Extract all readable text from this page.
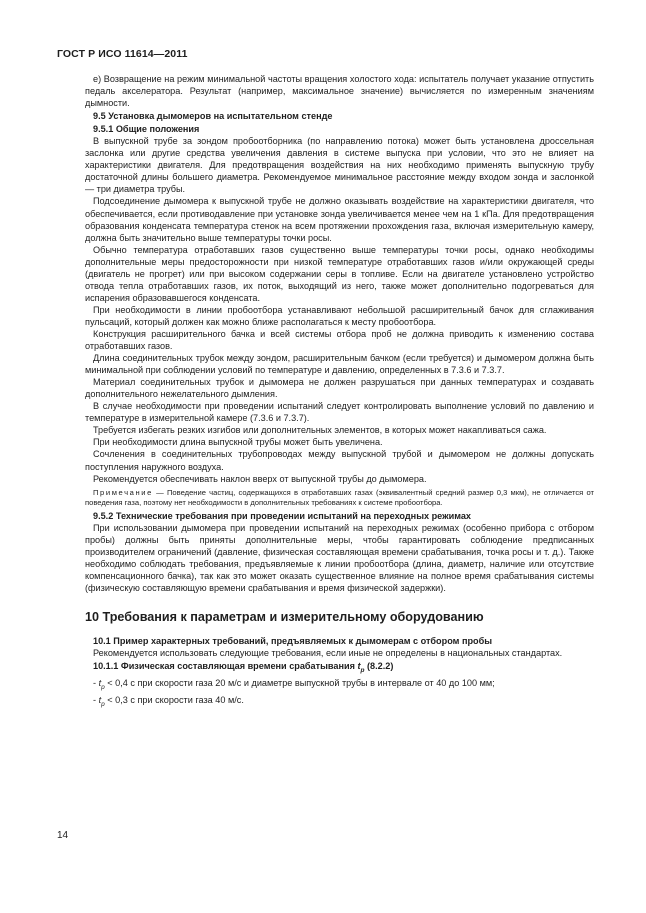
ГОСТ Р ИСО 11614—2011

e) Возвращение на режим минимальной частоты вращения холостого хода: испытатель получает указание отпустить педаль акселератора. Результат (например, максимальное значение) вычисляется по измеренным значениям дымности.

9.5 Установка дымомеров на испытательном стенде

9.5.1 Общие положения

В выпускной трубе за зондом пробоотборника (по направлению потока) может быть установлена дроссельная заслонка или другие средства увеличения давления в системе выпуска при условии, что это не влияет на характеристики двигателя. Для предотвращения воздействия на них необходимо применять выпускную трубу достаточной длины большего диаметра. Рекомендуемое минимальное расстояние между входом зонда и заслонкой — три диаметра трубы.

Подсоединение дымомера к выпускной трубе не должно оказывать воздействие на характеристики двигателя, что обеспечивается, если противодавление при установке зонда увеличивается менее чем на 1 кПа. Для предотвращения образования конденсата температура стенок на всем протяжении прохождения газа, включая измерительную камеру, должна быть значительно выше температуры точки росы.

Обычно температура отработавших газов существенно выше температуры точки росы, однако необходимы дополнительные меры предосторожности при низкой температуре отработавших газов и/или окружающей среды (двигатель не прогрет) или при высоком содержании серы в топливе. Если на двигателе установлено устройство отвода тепла отработавших газов, их поток, выходящий из него, также может дополнительно подогреваться для испарения образовавшегося конденсата.

При необходимости в линии пробоотбора устанавливают небольшой расширительный бачок для сглаживания пульсаций, который должен как можно ближе располагаться к месту пробоотбора.

Конструкция расширительного бачка и всей системы отбора проб не должна приводить к изменению состава отработавших газов.

Длина соединительных трубок между зондом, расширительным бачком (если требуется) и дымомером должна быть минимальной при соблюдении условий по температуре и давлению, определенных в 7.3.6 и 7.3.7.

Материал соединительных трубок и дымомера не должен разрушаться при данных температурах и создавать дополнительного нежелательного дымления.

В случае необходимости при проведении испытаний следует контролировать выполнение условий по давлению и температуре в измерительной камере (7.3.6 и 7.3.7).

Требуется избегать резких изгибов или дополнительных элементов, в которых может накапливаться сажа.

При необходимости длина выпускной трубы может быть увеличена.

Сочленения в соединительных трубопроводах между выпускной трубой и дымомером не должны допускать поступления наружного воздуха.

Рекомендуется обеспечивать наклон вверх от выпускной трубы до дымомера.

Примечание — Поведение частиц, содержащихся в отработавших газах (эквивалентный средний размер 0,3 мкм), не отличается от поведения газа, поэтому нет необходимости в дополнительных требованиях к системе пробоотбора.

9.5.2 Технические требования при проведении испытаний на переходных режимах

При использовании дымомера при проведении испытаний на переходных режимах (особенно прибора с отбором пробы) должны быть приняты дополнительные меры, чтобы гарантировать соблюдение предписанных производителем ограничений (давление, физическая составляющая времени срабатывания, точка росы и т. д.). Также необходимо соблюдать требования, предъявляемые к линии пробоотбора (длина, диаметр, наличие или отсутствие компенсационного бачка), так как это может оказать существенное влияние на полное время срабатывания системы (физическую составляющую времени срабатывания и время физической задержки).

10 Требования к параметрам и измерительному оборудованию

10.1 Пример характерных требований, предъявляемых к дымомерам с отбором пробы

Рекомендуется использовать следующие требования, если иные не определены в национальных стандартах.

10.1.1 Физическая составляющая времени срабатывания $t_p$ (8.2.2)

- $t_p < 0,4$ с при скорости газа 20 м/с и диаметре выпускной трубы в интервале от 40 до 100 мм;

- $t_p < 0,3$ с при скорости газа 40 м/с.

14
